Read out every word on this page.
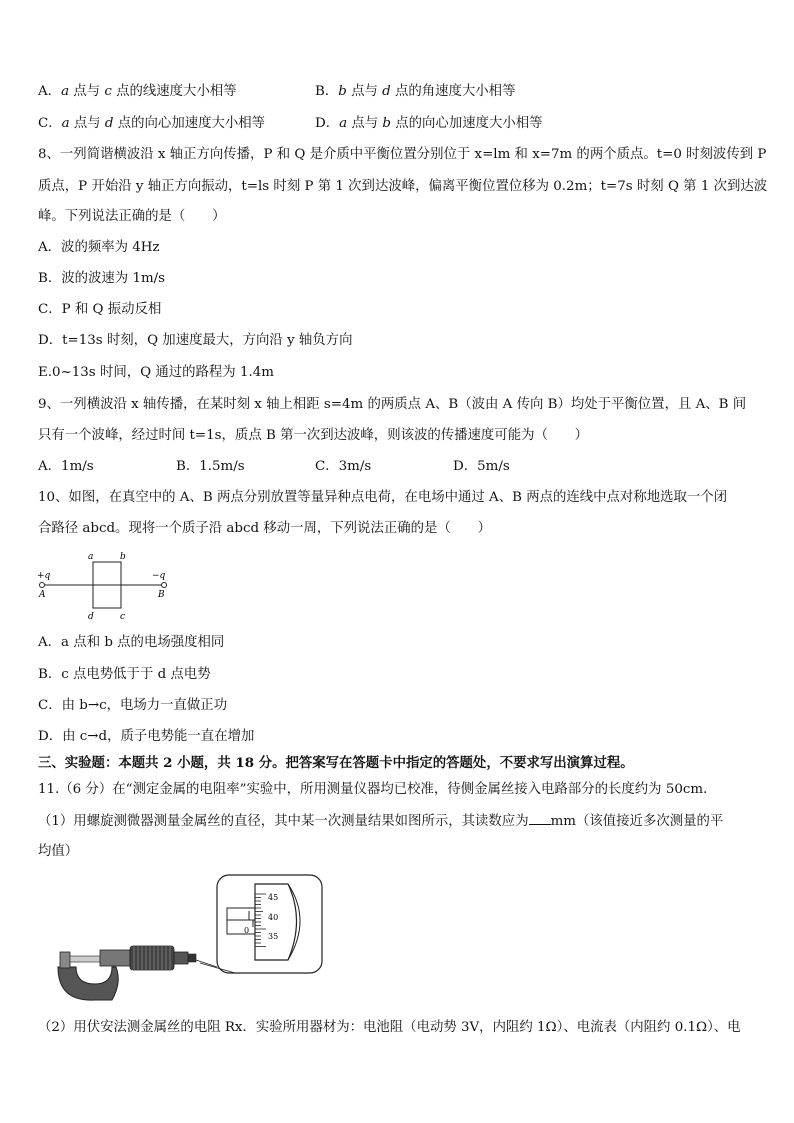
A．a 点与 c 点的线速度大小相等	B．b 点与 d 点的角速度大小相等
C．a 点与 d 点的向心加速度大小相等	D．a 点与 b 点的向心加速度大小相等
8、一列简谐横波沿 x 轴正方向传播，P 和 Q 是介质中平衡位置分别位于 x=lm 和 x=7m 的两个质点。t=0 时刻波传到 P
质点，P 开始沿 y 轴正方向振动，t=ls 时刻 P 第 1 次到达波峰，偏离平衡位置位移为 0.2m；t=7s 时刻 Q 第 1 次到达波
峰。下列说法正确的是（　　）
A．波的频率为 4Hz
B．波的波速为 1m/s
C．P 和 Q 振动反相
D．t=13s 时刻，Q 加速度最大，方向沿 y 轴负方向
E.0~13s 时间，Q 通过的路程为 1.4m
9、一列横波沿 x 轴传播，在某时刻 x 轴上相距 s=4m 的两质点 A、B（波由 A 传向 B）均处于平衡位置，且 A、B 间
只有一个波峰，经过时间 t=1s，质点 B 第一次到达波峰，则该波的传播速度可能为（　　）
A．1m/s	B．1.5m/s	C．3m/s	D．5m/s
10、如图，在真空中的 A、B 两点分别放置等量异种点电荷，在电场中通过 A、B 两点的连线中点对称地选取一个闭
合路径 abcd。现将一个质子沿 abcd 移动一周，下列说法正确的是（　　）
+q	−q
A	B
a	b
d	c
A．a 点和 b 点的电场强度相同
B．c 点电势低于于 d 点电势
C．由 b→c，电场力一直做正功
D．由 c→d，质子电势能一直在增加
三、实验题：本题共 2 小题，共 18 分。把答案写在答题卡中指定的答题处，不要求写出演算过程。
11.（6 分）在“测定金属的电阻率”实验中，所用测量仪器均已校准，待侧金属丝接入电路部分的长度约为 50cm.
（1）用螺旋测微器测量金属丝的直径，其中某一次测量结果如图所示，其读数应为 mm（该值接近多次测量的平
均值）
0
45
40
35
（2）用伏安法测金属丝的电阻 Rx．实验所用器材为：电池阻（电动势 3V，内阻约 1Ω）、电流表（内阻约 0.1Ω）、电
